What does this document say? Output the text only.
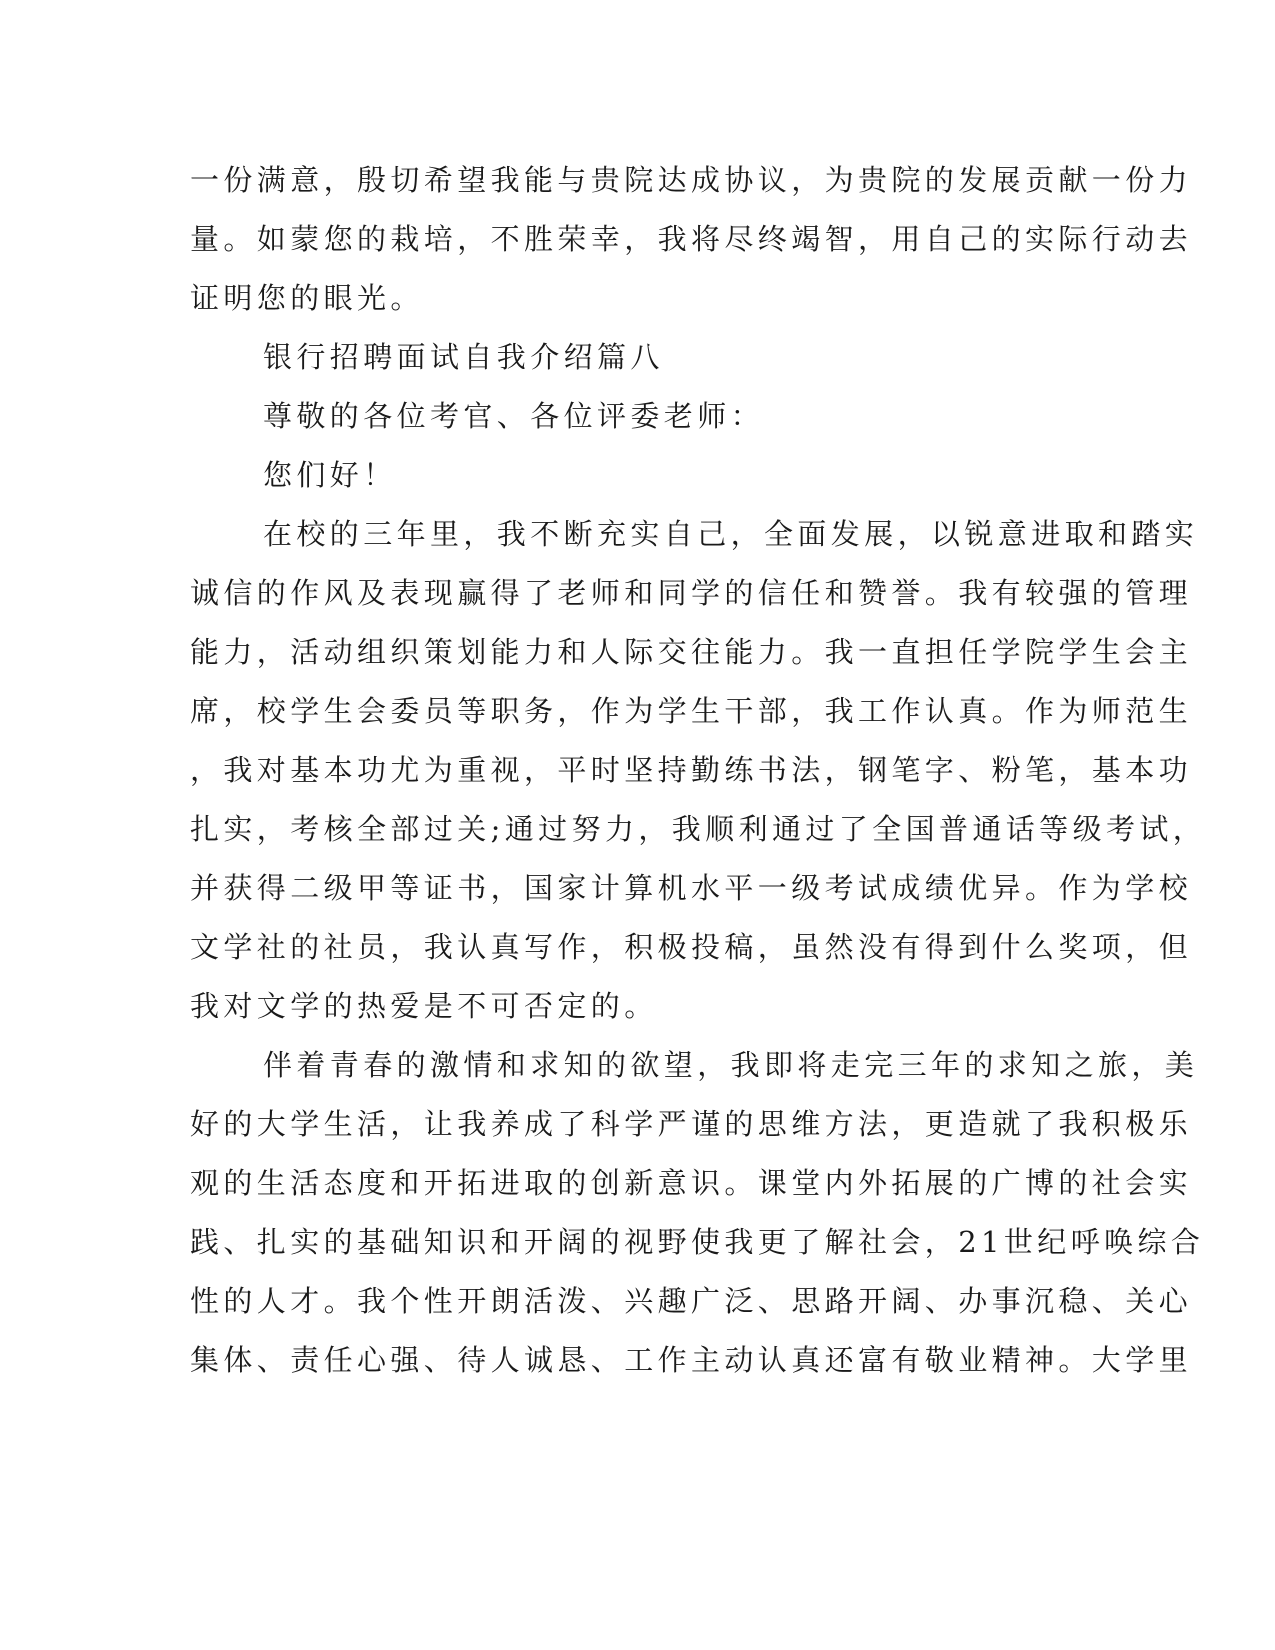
一份满意，殷切希望我能与贵院达成协议，为贵院的发展贡献一份力
量。如蒙您的栽培，不胜荣幸，我将尽终竭智，用自己的实际行动去
证明您的眼光。
银行招聘面试自我介绍篇八
尊敬的各位考官、各位评委老师：
您们好！
在校的三年里，我不断充实自己，全面发展，以锐意进取和踏实
诚信的作风及表现赢得了老师和同学的信任和赞誉。我有较强的管理
能力，活动组织策划能力和人际交往能力。我一直担任学院学生会主
席，校学生会委员等职务，作为学生干部，我工作认真。作为师范生
，我对基本功尤为重视，平时坚持勤练书法，钢笔字、粉笔，基本功
扎实，考核全部过关;通过努力，我顺利通过了全国普通话等级考试，
并获得二级甲等证书，国家计算机水平一级考试成绩优异。作为学校
文学社的社员，我认真写作，积极投稿，虽然没有得到什么奖项，但
我对文学的热爱是不可否定的。
伴着青春的激情和求知的欲望，我即将走完三年的求知之旅，美
好的大学生活，让我养成了科学严谨的思维方法，更造就了我积极乐
观的生活态度和开拓进取的创新意识。课堂内外拓展的广博的社会实
践、扎实的基础知识和开阔的视野使我更了解社会，21世纪呼唤综合
性的人才。我个性开朗活泼、兴趣广泛、思路开阔、办事沉稳、关心
集体、责任心强、待人诚恳、工作主动认真还富有敬业精神。大学里
